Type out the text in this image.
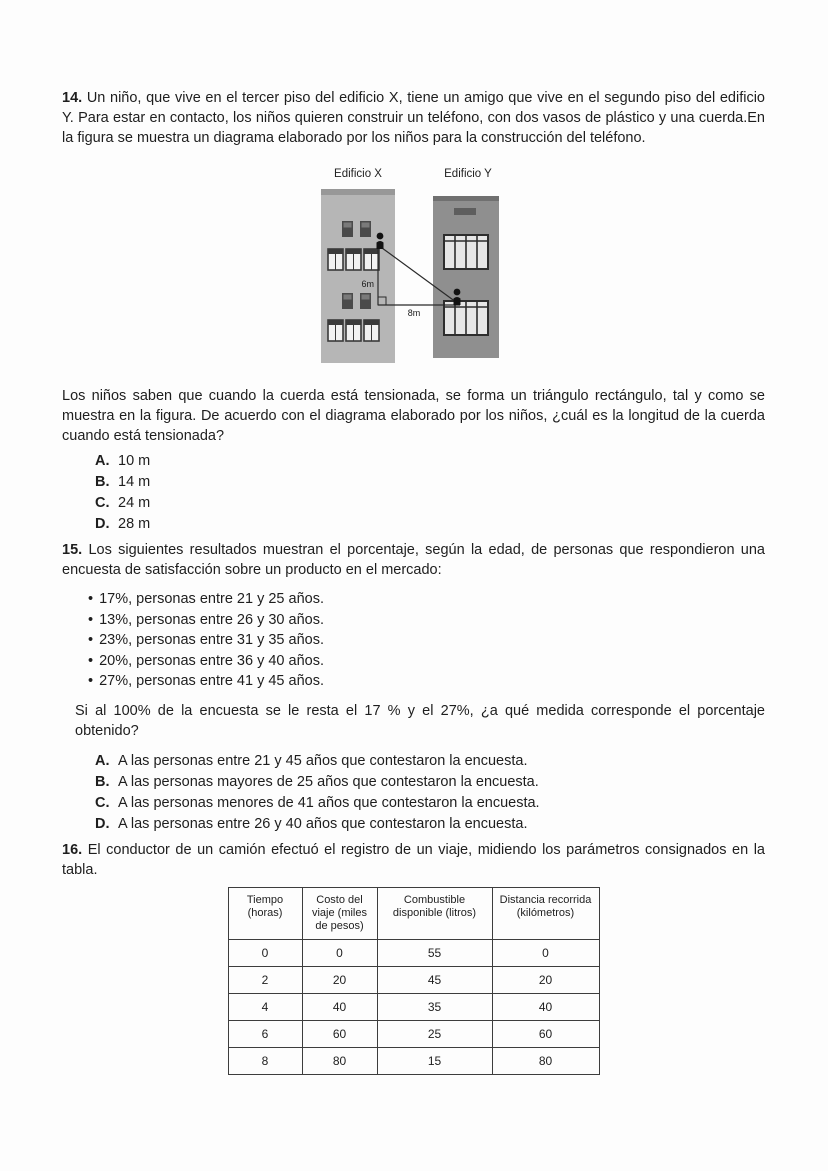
14. Un niño, que vive en el tercer piso del edificio X, tiene un amigo que vive en el segundo piso del edificio Y. Para estar en contacto, los niños quieren construir un teléfono, con dos vasos de plástico y una cuerda.En la figura se muestra un diagrama elaborado por los niños para la construcción del teléfono.

Edificio X	Edificio Y
6m
8m

Los niños saben que cuando la cuerda está tensionada, se forma un triángulo rectángulo, tal y como se muestra en la figura. De acuerdo con el diagrama elaborado por los niños, ¿cuál es la longitud de la cuerda cuando está tensionada?

A. 10 m
B. 14 m
C. 24 m
D. 28 m

15. Los siguientes resultados muestran el porcentaje, según la edad, de personas que respondieron una encuesta de satisfacción sobre un producto en el mercado:

•
17%, personas entre 21 y 25 años.
•
13%, personas entre 26 y 30 años.
•
23%, personas entre 31 y 35 años.
•
20%, personas entre 36 y 40 años.
•
27%, personas entre 41 y 45 años.

Si al 100% de la encuesta se le resta el 17 % y el 27%, ¿a qué medida corresponde el porcentaje obtenido?

A. A las personas entre 21 y 45 años que contestaron la encuesta.
B. A las personas mayores de 25 años que contestaron la encuesta.
C. A las personas menores de 41 años que contestaron la encuesta.
D. A las personas entre 26 y 40 años que contestaron la encuesta.

16. El conductor de un camión efectuó el registro de un viaje, midiendo los parámetros consignados en la tabla.

Tiempo (horas)	Costo del viaje (miles de pesos)	Combustible disponible (litros)	Distancia recorrida (kilómetros)
0	0	55	0
2	20	45	20
4	40	35	40
6	60	25	60
8	80	15	80
